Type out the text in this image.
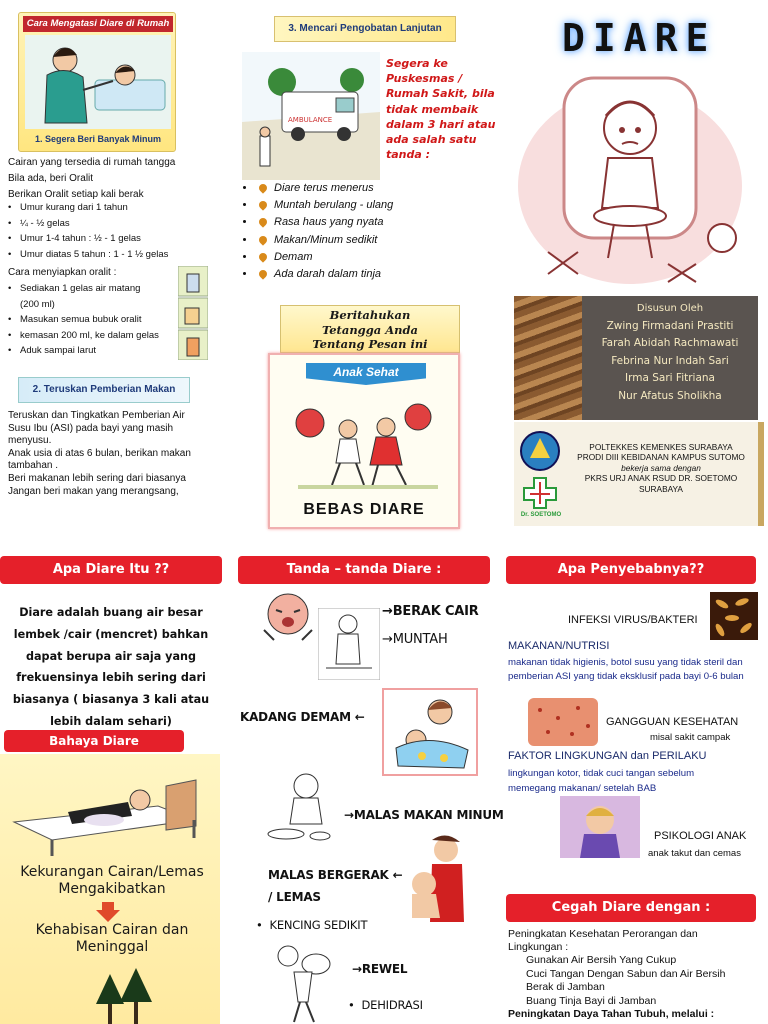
Cara Mengatasi Diare di Rumah
1. Segera Beri Banyak Minum
Cairan yang tersedia di rumah tangga
Bila ada, beri Oralit
Berikan Oralit setiap kali berak
• Umur kurang dari 1 tahun
• ¼ - ½ gelas
• Umur 1-4 tahun : ½ - 1 gelas
• Umur diatas 5 tahun : 1 - 1 ½ gelas
Cara menyiapkan oralit :
• Sediakan 1 gelas air matang
(200 ml)
• Masukan semua bubuk oralit
• kemasan 200 ml, ke dalam gelas
• Aduk sampai larut
2. Teruskan Pemberian Makan
Teruskan dan Tingkatkan Pemberian Air
Susu Ibu (ASI) pada bayi yang masih
menyusu.
Anak usia di atas 6 bulan, berikan makan
tambahan .
Beri makanan lebih sering dari biasanya
Jangan beri makan yang merangsang,
3. Mencari Pengobatan Lanjutan
AMBULANCE
Segera ke
Puskesmas /
Rumah Sakit, bila
tidak membaik
dalam 3 hari atau
ada salah satu
tanda :
• Diare terus menerus
• Muntah berulang - ulang
• Rasa haus yang nyata
• Makan/Minum sedikit
• Demam
• Ada darah dalam tinja
Beritahukan
Tetangga Anda
Tentang Pesan ini
Anak Sehat
BEBAS DIARE
DIARE
Disusun Oleh
Zwing Firmadani Prastiti
Farah Abidah Rachmawati
Febrina Nur Indah Sari
Irma Sari Fitriana
Nur Afatus Sholikha
Dr. SOETOMO
POLTEKKES KEMENKES SURABAYA
PRODI DIII KEBIDANAN KAMPUS SUTOMO
bekerja sama dengan
PKRS URJ ANAK RSUD DR. SOETOMO
SURABAYA
Apa Diare Itu ??
Diare adalah buang air besar lembek /cair (mencret) bahkan dapat berupa air saja yang frekuensinya lebih sering dari biasanya ( biasanya 3 kali atau lebih dalam sehari)
Bahaya Diare
Kekurangan Cairan/Lemas Mengakibatkan
Kehabisan Cairan dan Meninggal
Tanda – tanda Diare :
→BERAK CAIR
→MUNTAH
KADANG DEMAM ←
→MALAS MAKAN MINUM
MALAS BERGERAK ←
/ LEMAS
•  KENCING SEDIKIT
→REWEL
•  DEHIDRASI
Apa Penyebabnya??
INFEKSI VIRUS/BAKTERI
MAKANAN/NUTRISI
makanan tidak higienis, botol susu yang tidak steril dan pemberian ASI yang tidak eksklusif pada bayi 0-6 bulan
GANGGUAN KESEHATAN
misal sakit campak
FAKTOR LINGKUNGAN dan PERILAKU
lingkungan kotor, tidak cuci tangan sebelum memegang makanan/ setelah BAB
PSIKOLOGI ANAK
anak takut dan cemas
Cegah Diare dengan :
Peningkatan Kesehatan Perorangan dan Lingkungan :
Gunakan Air Bersih Yang Cukup
Cuci Tangan Dengan Sabun dan Air Bersih
Berak di Jamban
Buang Tinja Bayi di Jamban
Peningkatan Daya Tahan Tubuh, melalui :
